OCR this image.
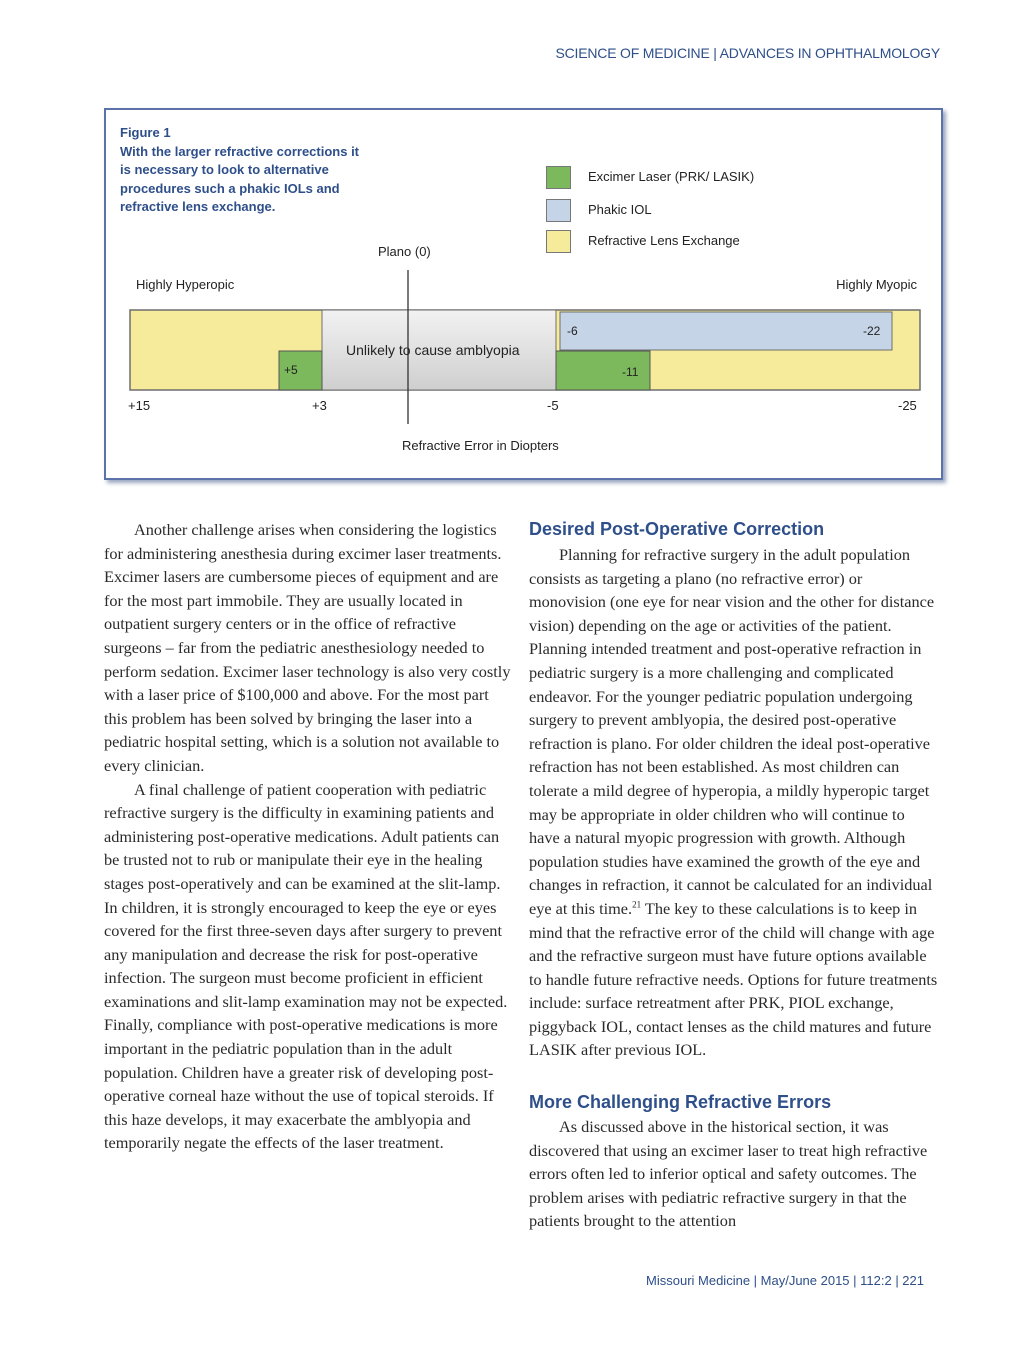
SCIENCE OF MEDICINE | ADVANCES IN OPHTHALMOLOGY
Figure 1
With the larger refractive corrections it is necessary to look to alternative procedures such a phakic IOLs and refractive lens exchange.
Excimer Laser (PRK/ LASIK)
Phakic IOL
Refractive Lens Exchange
Plano (0)
Highly Hyperopic	Highly Myopic
Unlikely to cause amblyopia
+5
-6	-22
-11
+15	+3	-5	-25
Refractive Error in Diopters

Another challenge arises when considering the logistics for administering anesthesia during excimer laser treatments. Excimer lasers are cumbersome pieces of equipment and are for the most part immobile. They are usually located in outpatient surgery centers or in the office of refractive surgeons – far from the pediatric anesthesiology needed to perform sedation. Excimer laser technology is also very costly with a laser price of $100,000 and above. For the most part this problem has been solved by bringing the laser into a pediatric hospital setting, which is a solution not available to every clinician.

A final challenge of patient cooperation with pediatric refractive surgery is the difficulty in examining patients and administering post-operative medications. Adult patients can be trusted not to rub or manipulate their eye in the healing stages post-operatively and can be examined at the slit-lamp. In children, it is strongly encouraged to keep the eye or eyes covered for the first three-seven days after surgery to prevent any manipulation and decrease the risk for post-operative infection. The surgeon must become proficient in efficient examinations and slit-lamp examination may not be expected. Finally, compliance with post-operative medications is more important in the pediatric population than in the adult population. Children have a greater risk of developing post-operative corneal haze without the use of topical steroids. If this haze develops, it may exacerbate the amblyopia and temporarily negate the effects of the laser treatment.

Desired Post-Operative Correction

Planning for refractive surgery in the adult population consists as targeting a plano (no refractive error) or monovision (one eye for near vision and the other for distance vision) depending on the age or activities of the patient. Planning intended treatment and post-operative refraction in pediatric surgery is a more challenging and complicated endeavor. For the younger pediatric population undergoing surgery to prevent amblyopia, the desired post-operative refraction is plano. For older children the ideal post-operative refraction has not been established. As most children can tolerate a mild degree of hyperopia, a mildly hyperopic target may be appropriate in older children who will continue to have a natural myopic progression with growth. Although population studies have examined the growth of the eye and changes in refraction, it cannot be calculated for an individual eye at this time.$^{21}$ The key to these calculations is to keep in mind that the refractive error of the child will change with age and the refractive surgeon must have future options available to handle future refractive needs. Options for future treatments include: surface retreatment after PRK, PIOL exchange, piggyback IOL, contact lenses as the child matures and future LASIK after previous IOL.

More Challenging Refractive Errors

As discussed above in the historical section, it was discovered that using an excimer laser to treat high refractive errors often led to inferior optical and safety outcomes. The problem arises with pediatric refractive surgery in that the patients brought to the attention

Missouri Medicine | May/June 2015 | 112:2 | 221
